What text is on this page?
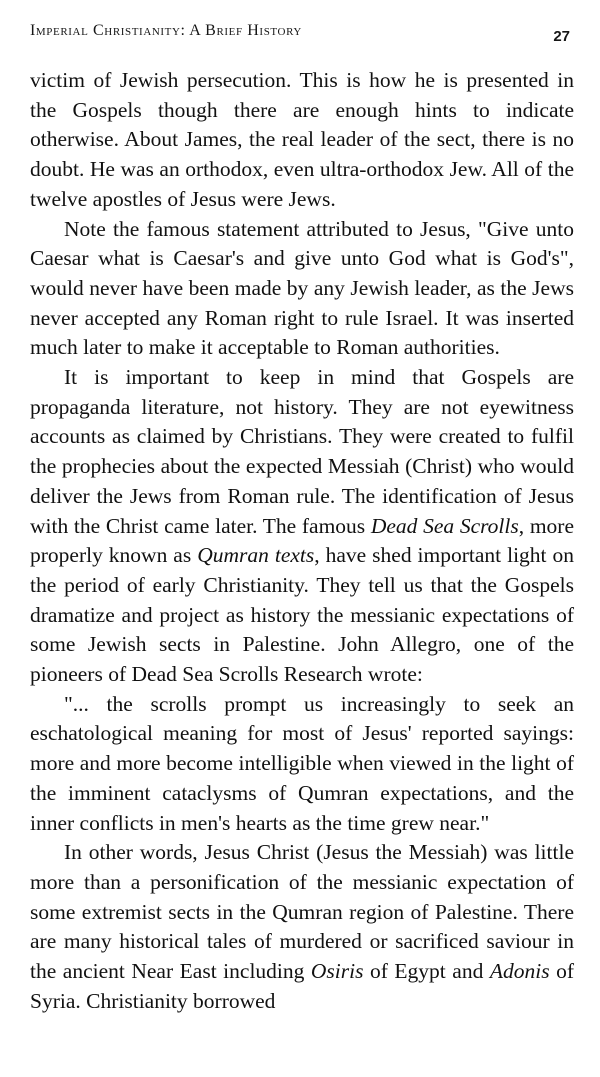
Imperial Christianity: A Brief History	27

victim of Jewish persecution. This is how he is presented in the Gospels though there are enough hints to indicate otherwise. About James, the real leader of the sect, there is no doubt. He was an orthodox, even ultra-orthodox Jew. All of the twelve apostles of Jesus were Jews.

Note the famous statement attributed to Jesus, "Give unto Caesar what is Caesar's and give unto God what is God's", would never have been made by any Jewish leader, as the Jews never accepted any Roman right to rule Israel. It was inserted much later to make it acceptable to Roman authorities.

It is important to keep in mind that Gospels are propaganda literature, not history. They are not eyewitness accounts as claimed by Christians. They were created to fulfil the prophecies about the expected Messiah (Christ) who would deliver the Jews from Roman rule. The identification of Jesus with the Christ came later. The famous Dead Sea Scrolls, more properly known as Qumran texts, have shed important light on the period of early Christianity. They tell us that the Gospels dramatize and project as history the messianic expectations of some Jewish sects in Palestine. John Allegro, one of the pioneers of Dead Sea Scrolls Research wrote:

"... the scrolls prompt us increasingly to seek an eschatological meaning for most of Jesus' reported sayings: more and more become intelligible when viewed in the light of the imminent cataclysms of Qumran expectations, and the inner conflicts in men's hearts as the time grew near."

In other words, Jesus Christ (Jesus the Messiah) was little more than a personification of the messianic expectation of some extremist sects in the Qumran region of Palestine. There are many historical tales of murdered or sacrificed saviour in the ancient Near East including Osiris of Egypt and Adonis of Syria. Christianity borrowed
